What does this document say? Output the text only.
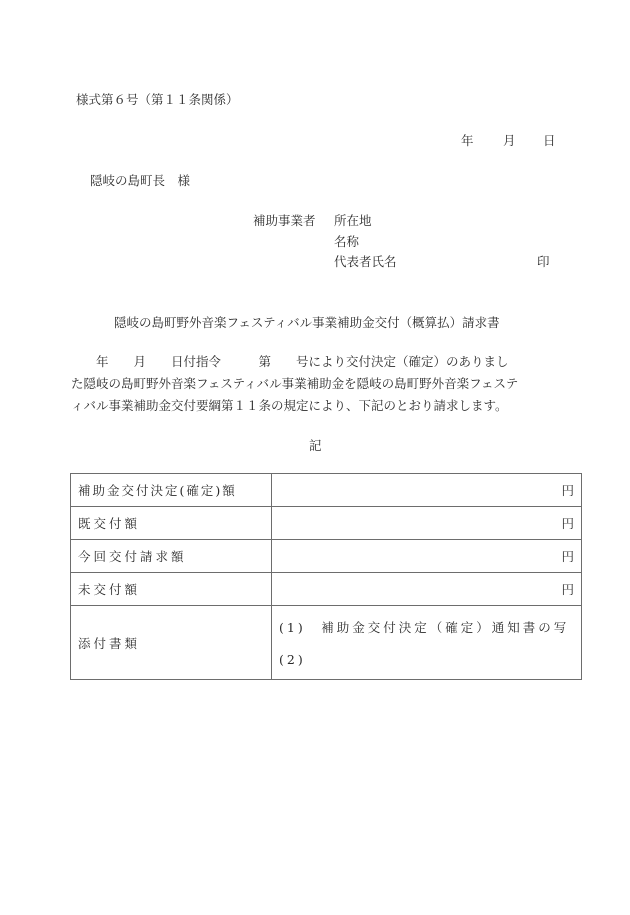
様式第６号（第１１条関係）
年 月 日
隠岐の島町長　様
補助事業者 所在地
名称
代表者氏名	印
隠岐の島町野外音楽フェスティバル事業補助金交付（概算払）請求書
　　年　　月　　日付指令　　　第　　号により交付決定（確定）のありまし
た隠岐の島町野外音楽フェスティバル事業補助金を隠岐の島町野外音楽フェステ
ィバル事業補助金交付要綱第１１条の規定により、下記のとおり請求します。
記
補助金交付決定(確定)額	円
既交付額	円
今回交付請求額	円
未交付額	円
添付書類	(1)　補助金交付決定（確定）通知書の写
(2)
